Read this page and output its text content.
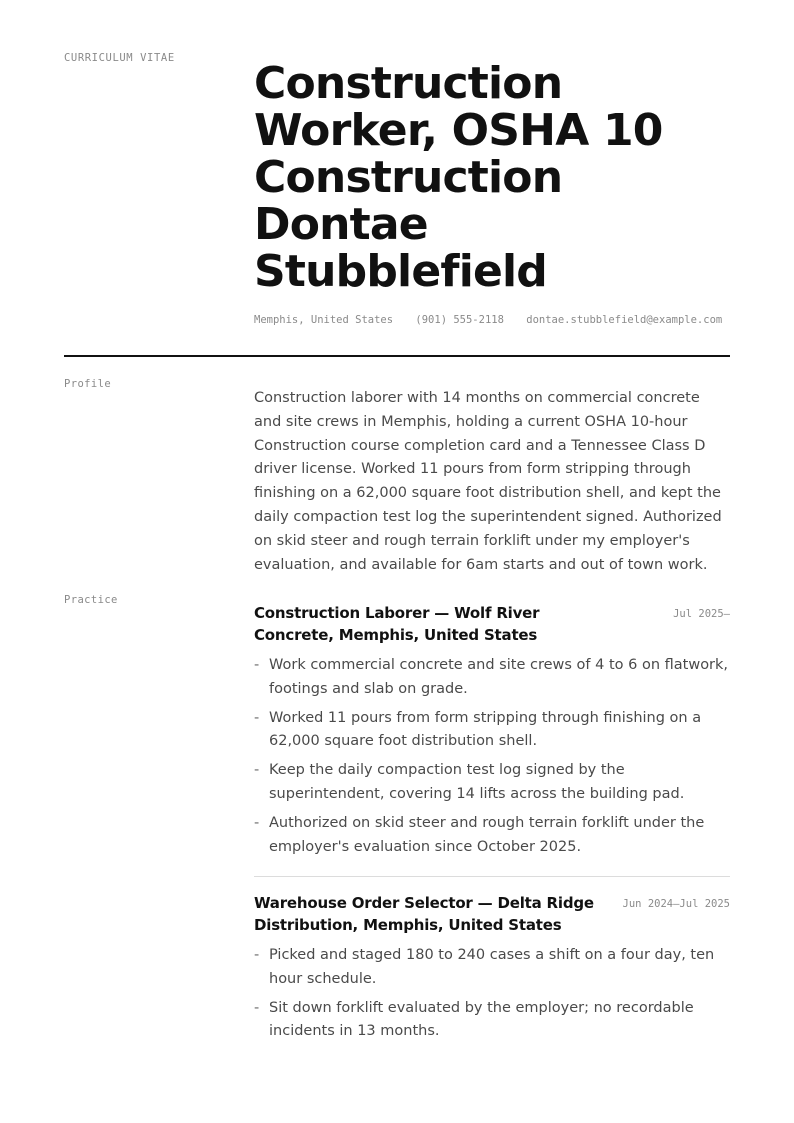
CURRICULUM VITAE Construction
Worker, OSHA 10
Construction
Dontae
Stubblefield
Memphis, United States (901) 555-2118 dontae.stubblefield@example.com
Profile

Construction laborer with 14 months on commercial concrete and site crews in Memphis, holding a current OSHA 10-hour Construction course completion card and a Tennessee Class D driver license. Worked 11 pours from form stripping through finishing on a 62,000 square foot distribution shell, and kept the daily compaction test log the superintendent signed. Authorized on skid steer and rough terrain forklift under my employer's evaluation, and available for 6am starts and out of town work.

Practice
Construction Laborer — Wolf River Concrete, Memphis, United States
Jul 2025—
- Work commercial concrete and site crews of 4 to 6 on flatwork, footings and slab on grade.
- Worked 11 pours from form stripping through finishing on a 62,000 square foot distribution shell.
- Keep the daily compaction test log signed by the superintendent, covering 14 lifts across the building pad.
- Authorized on skid steer and rough terrain forklift under the employer's evaluation since October 2025.
Warehouse Order Selector — Delta Ridge Distribution, Memphis, United States
Jun 2024—Jul 2025
- Picked and staged 180 to 240 cases a shift on a four day, ten hour schedule.
- Sit down forklift evaluated by the employer; no recordable incidents in 13 months.
